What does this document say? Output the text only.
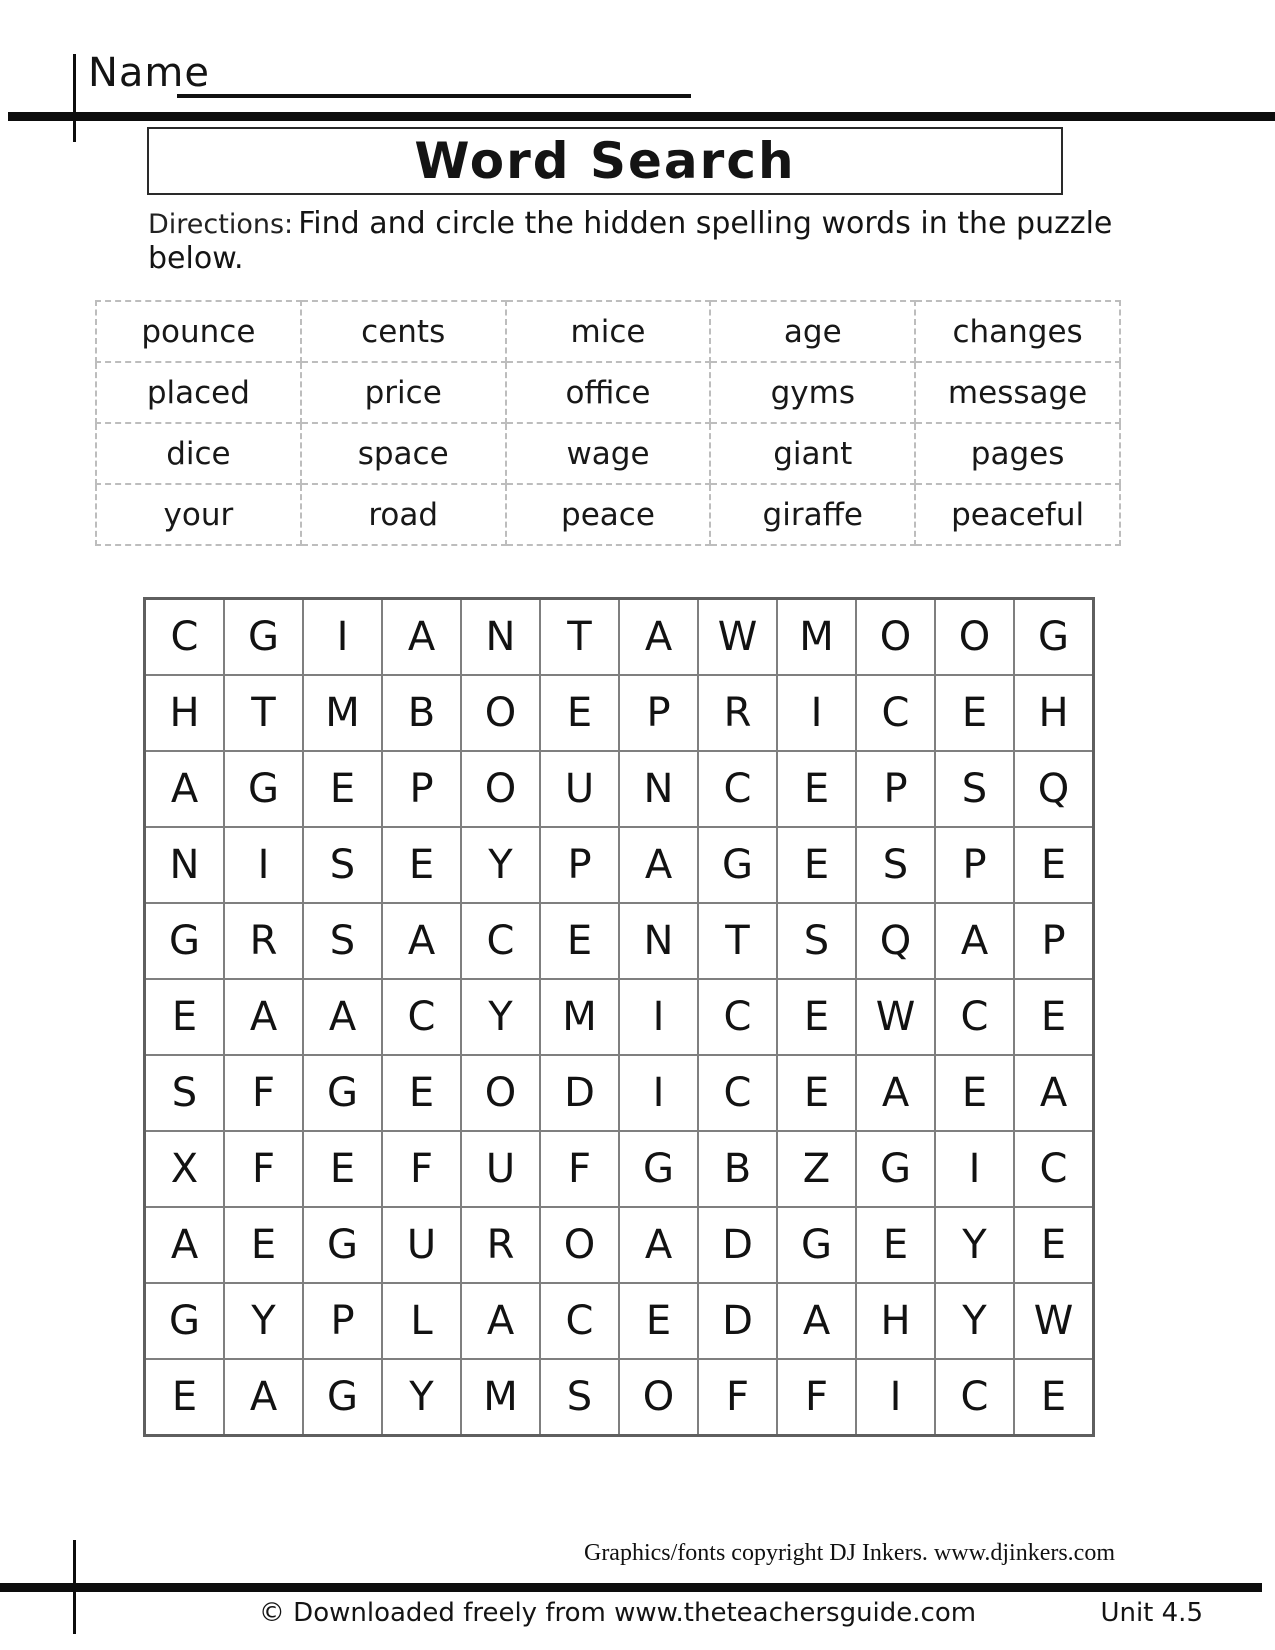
Name
Word Search
Directions: Find and circle the hidden spelling words in the puzzle below.
pounce	cents	mice	age	changes
placed	price	office	gyms	message
dice	space	wage	giant	pages
your	road	peace	giraffe	peaceful
C	G	I	A	N	T	A	W	M	O	O	G
H	T	M	B	O	E	P	R	I	C	E	H
A	G	E	P	O	U	N	C	E	P	S	Q
N	I	S	E	Y	P	A	G	E	S	P	E
G	R	S	A	C	E	N	T	S	Q	A	P
E	A	A	C	Y	M	I	C	E	W	C	E
S	F	G	E	O	D	I	C	E	A	E	A
X	F	E	F	U	F	G	B	Z	G	I	C
A	E	G	U	R	O	A	D	G	E	Y	E
G	Y	P	L	A	C	E	D	A	H	Y	W
E	A	G	Y	M	S	O	F	F	I	C	E
Graphics/fonts copyright DJ Inkers. www.djinkers.com
© Downloaded freely from www.theteachersguide.com	Unit 4.5
